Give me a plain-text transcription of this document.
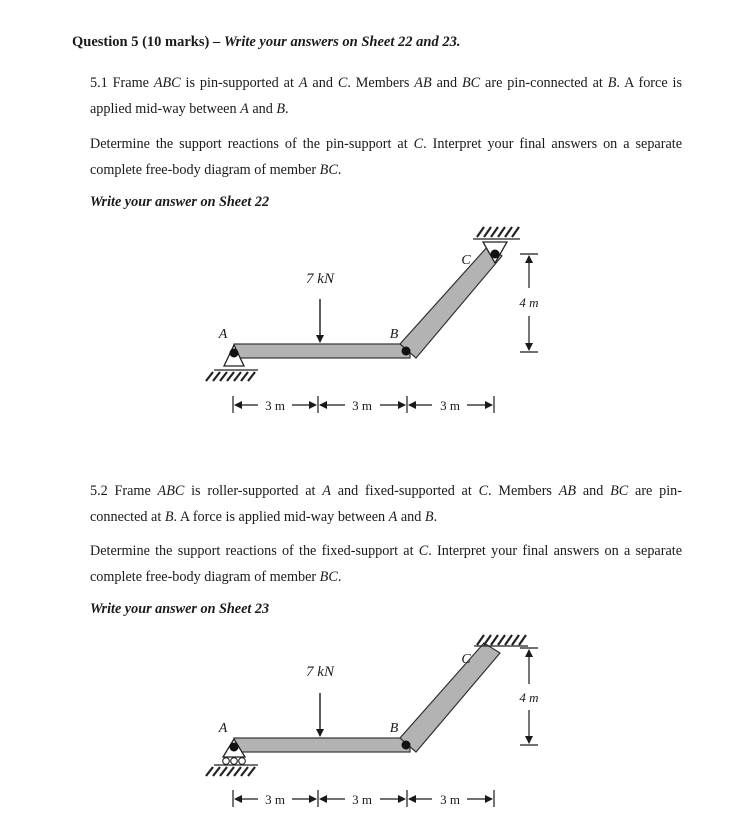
Question 5 (10 marks) – Write your answers on Sheet 22 and 23.

5.1 Frame ABC is pin-supported at A and C. Members AB and BC are pin-connected at B. A force is applied mid-way between A and B.

Determine the support reactions of the pin-support at C. Interpret your final answers on a separate complete free-body diagram of member BC.

Write your answer on Sheet 22
7 kN
A	B
C
4 m
3 m	3 m	3 m

5.2 Frame ABC is roller-supported at A and fixed-supported at C. Members AB and BC are pin-connected at B. A force is applied mid-way between A and B.

Determine the support reactions of the fixed-support at C. Interpret your final answers on a separate complete free-body diagram of member BC.

Write your answer on Sheet 23
7 kN
A	B
C
4 m
3 m	3 m	3 m
